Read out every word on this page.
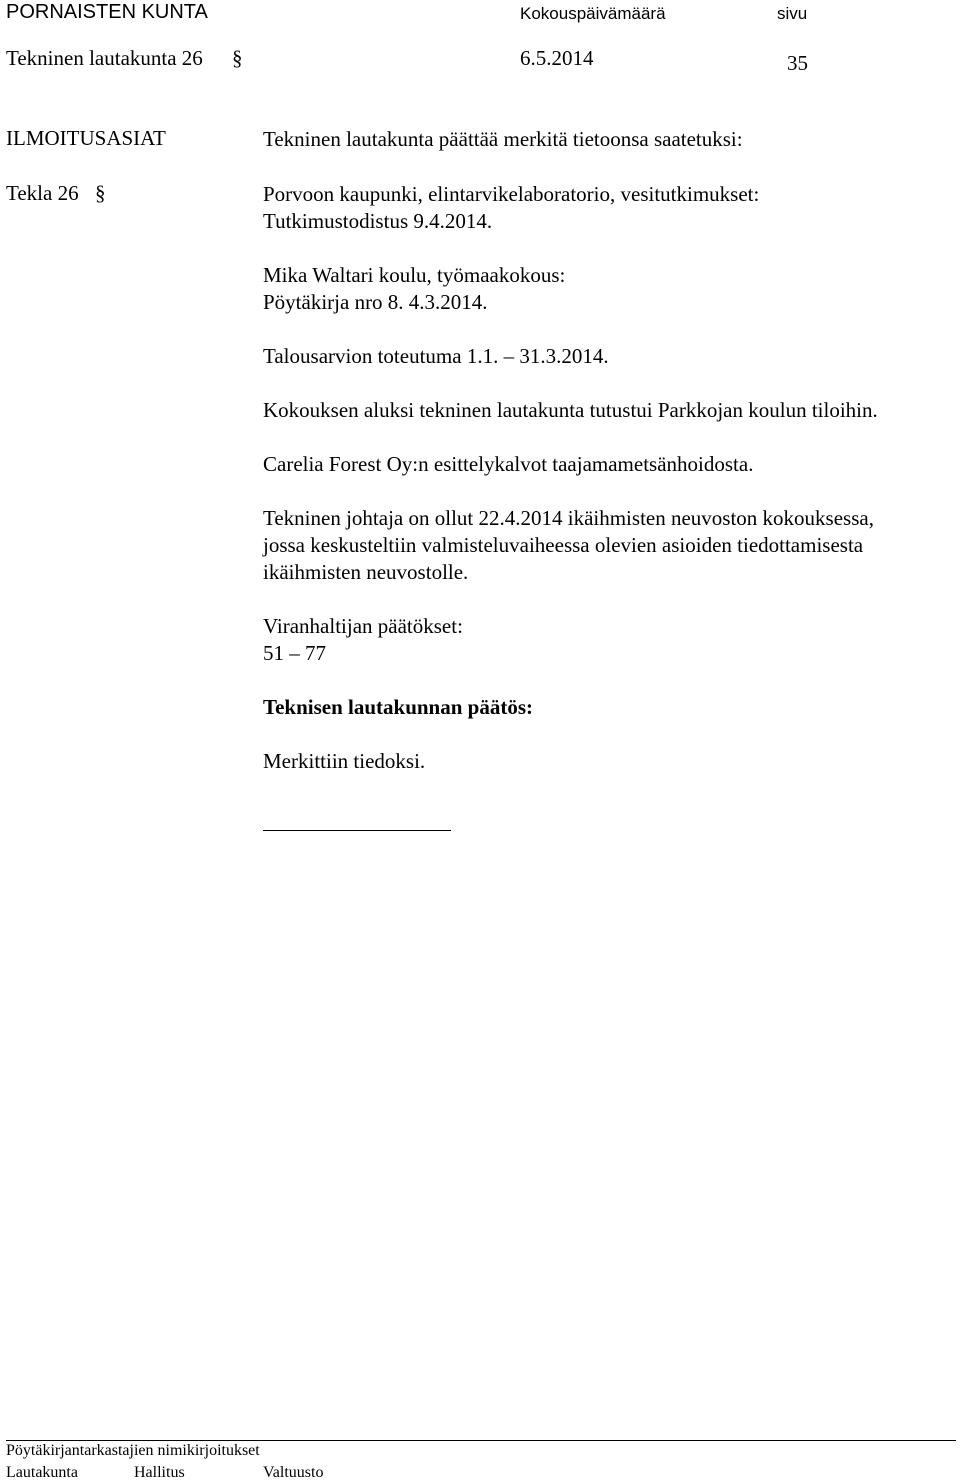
PORNAISTEN KUNTA	Kokouspäivämäärä	sivu
Tekninen lautakunta 26 §	6.5.2014	35
ILMOITUSASIAT
Tekla 26 §

Tekninen lautakunta päättää merkitä tietoonsa saatetuksi:

Porvoon kaupunki, elintarvikelaboratorio, vesitutkimukset:
Tutkimustodistus 9.4.2014.

Mika Waltari koulu, työmaakokous:
Pöytäkirja nro 8. 4.3.2014.

Talousarvion toteutuma 1.1. – 31.3.2014.

Kokouksen aluksi tekninen lautakunta tutustui Parkkojan koulun tiloihin.

Carelia Forest Oy:n esittelykalvot taajamametsänhoidosta.

Tekninen johtaja on ollut 22.4.2014 ikäihmisten neuvoston kokouksessa,
jossa keskusteltiin valmisteluvaiheessa olevien asioiden tiedottamisesta
ikäihmisten neuvostolle.

Viranhaltijan päätökset:
51 – 77

Teknisen lautakunnan päätös:

Merkittiin tiedoksi.

Pöytäkirjantarkastajien nimikirjoitukset
Lautakunta	Hallitus	Valtuusto
